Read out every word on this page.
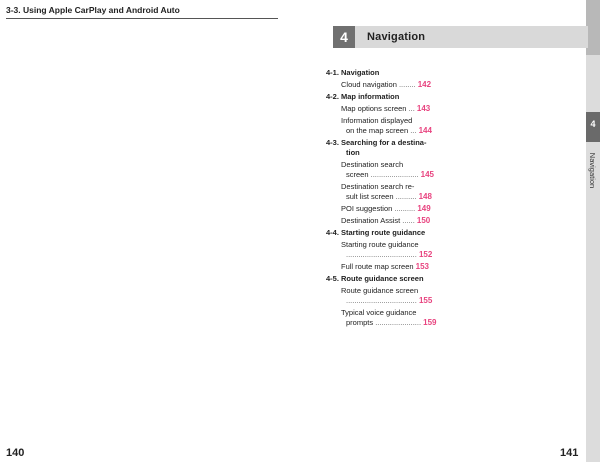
3-3. Using Apple CarPlay and Android Auto
140
4
Navigation
4	Navigation
4-1. Navigation
Cloud navigation ........ 142
4-2. Map information
Map options screen ... 143
Information displayed
on the map screen ... 144
4-3. Searching for a destina-
tion
Destination search
screen ....................... 145
Destination search re-
sult list screen .......... 148
POI suggestion .......... 149
Destination Assist ...... 150
4-4. Starting route guidance
Starting route guidance
.................................. 152
Full route map screen 153
4-5. Route guidance screen
Route guidance screen
.................................. 155
Typical voice guidance
prompts ...................... 159
141
